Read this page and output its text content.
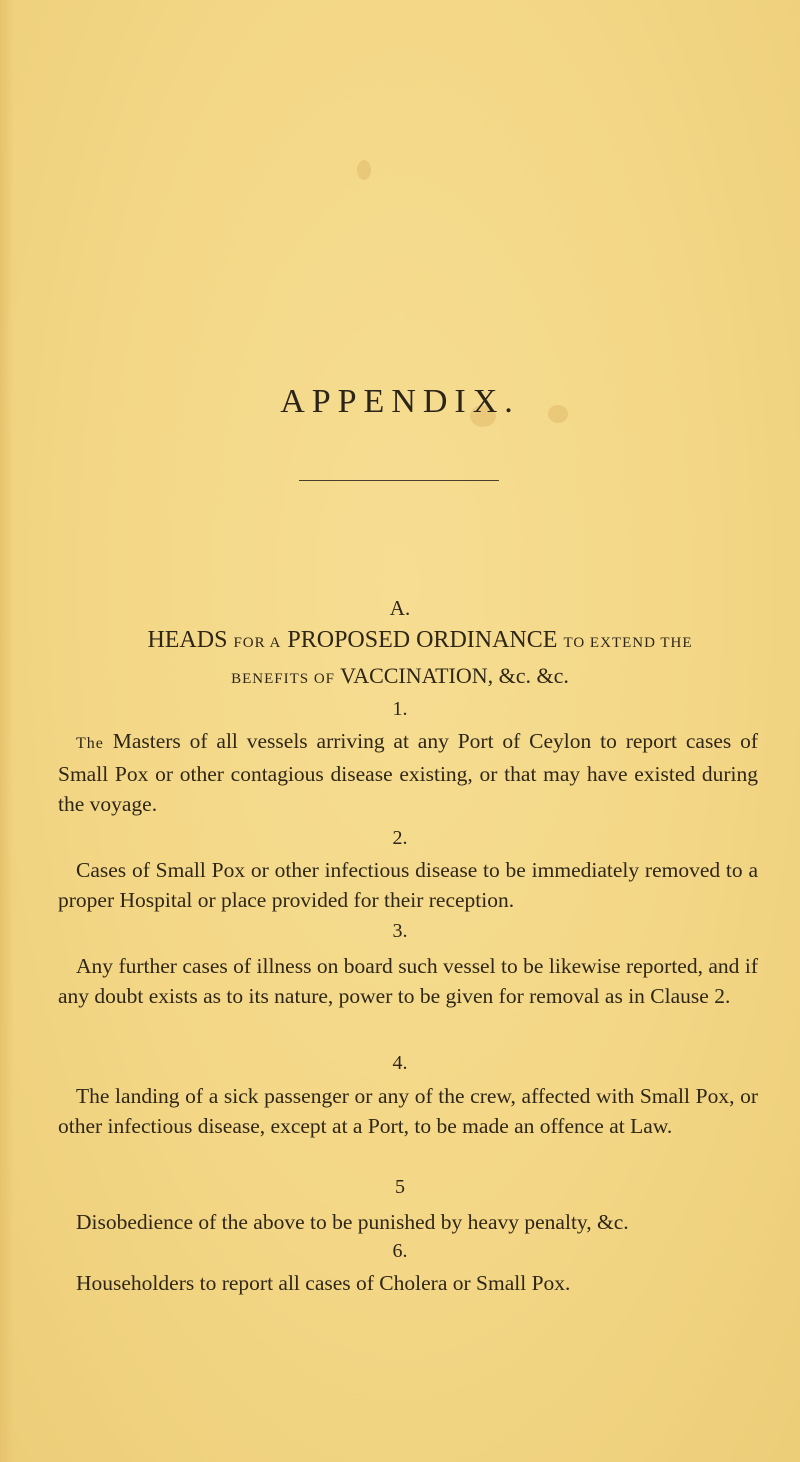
APPENDIX.
A.
HEADS FOR A PROPOSED ORDINANCE TO EXTEND THE
BENEFITS OF VACCINATION, &c. &c.
1.
The Masters of all vessels arriving at any Port of Ceylon to report cases of Small Pox or other contagious disease existing, or that may have existed during the voyage.
2.
Cases of Small Pox or other infectious disease to be immediately removed to a proper Hospital or place provided for their reception.
3.
Any further cases of illness on board such vessel to be likewise reported, and if any doubt exists as to its nature, power to be given for removal as in Clause 2.
4.
The landing of a sick passenger or any of the crew, affected with Small Pox, or other infectious disease, except at a Port, to be made an offence at Law.
5
Disobedience of the above to be punished by heavy penalty, &c.
6.
Householders to report all cases of Cholera or Small Pox.
